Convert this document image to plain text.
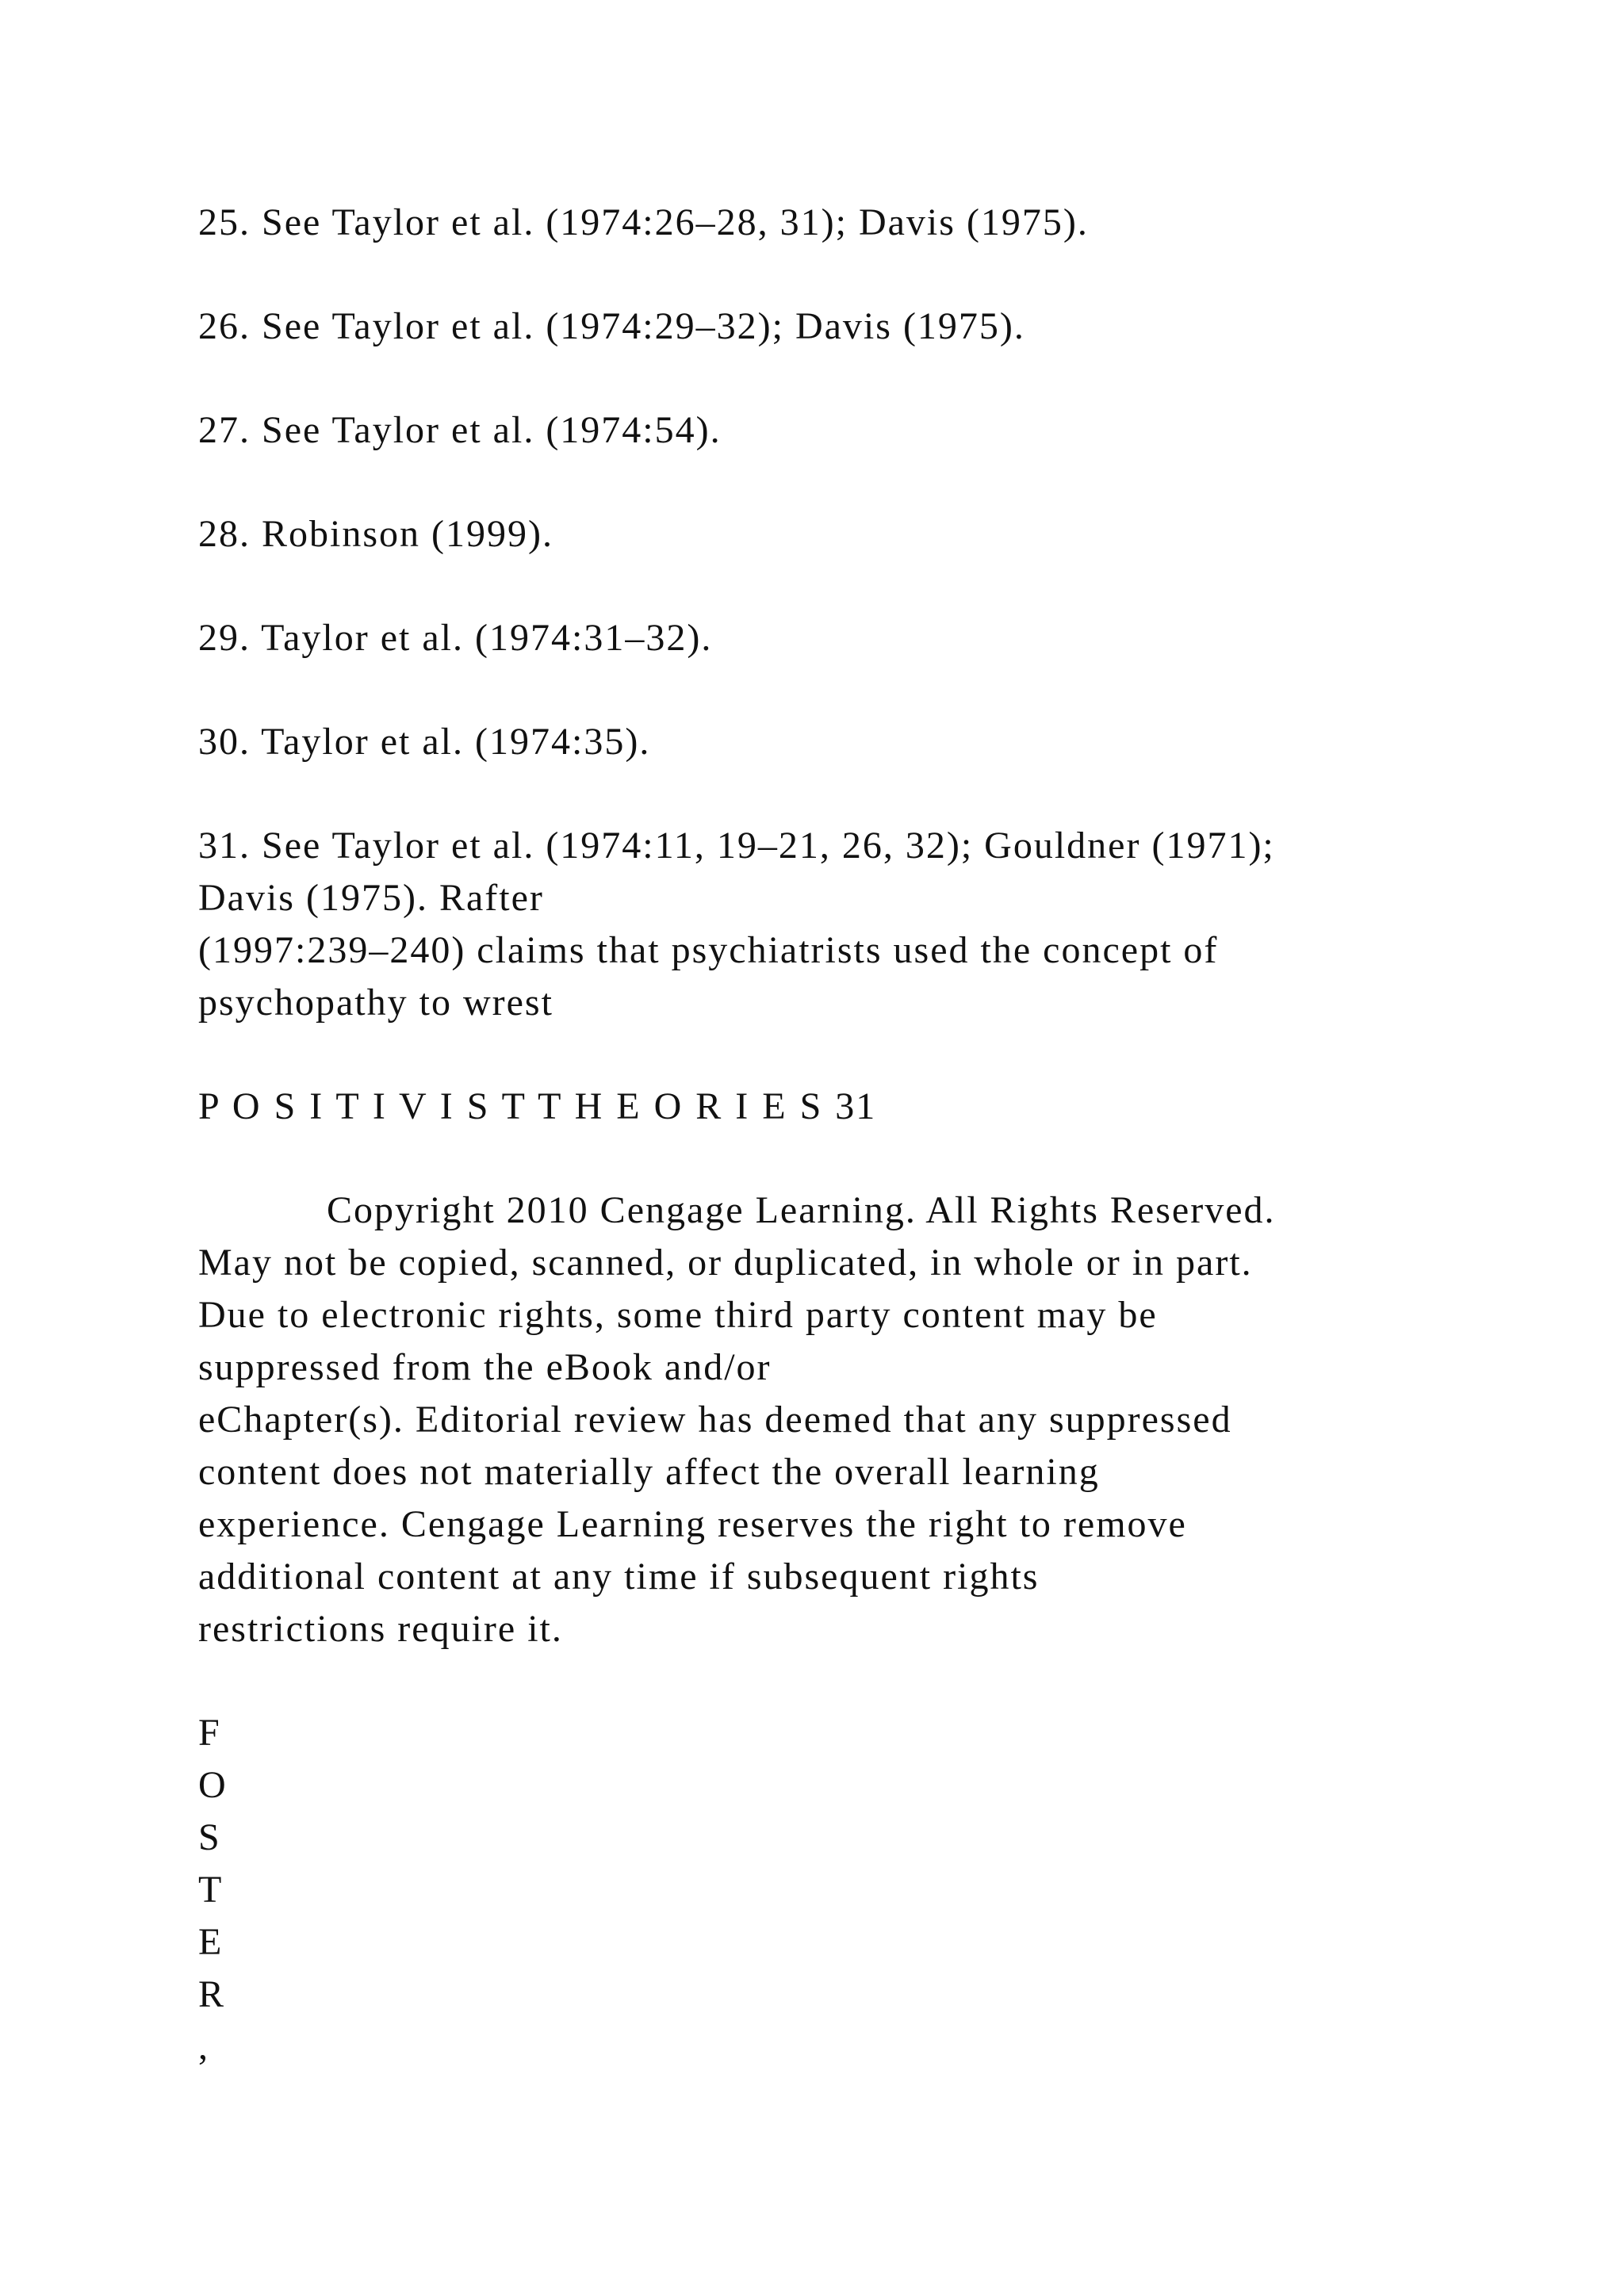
25. See Taylor et al. (1974:26–28, 31); Davis (1975).
26. See Taylor et al. (1974:29–32); Davis (1975).
27. See Taylor et al. (1974:54).
28. Robinson (1999).
29. Taylor et al. (1974:31–32).
30. Taylor et al. (1974:35).
31. See Taylor et al. (1974:11, 19–21, 26, 32); Gouldner (1971);
Davis (1975). Rafter
(1997:239–240) claims that psychiatrists used the concept of
psychopathy to wrest
P O S I T I V I S T T H E O R I E S 31
Copyright 2010 Cengage Learning. All Rights Reserved.
May not be copied, scanned, or duplicated, in whole or in part.
Due to electronic rights, some third party content may be
suppressed from the eBook and/or
eChapter(s). Editorial review has deemed that any suppressed
content does not materially affect the overall learning
experience. Cengage Learning reserves the right to remove
additional content at any time if subsequent rights
restrictions require it.
F
O
S
T
E
R
,
